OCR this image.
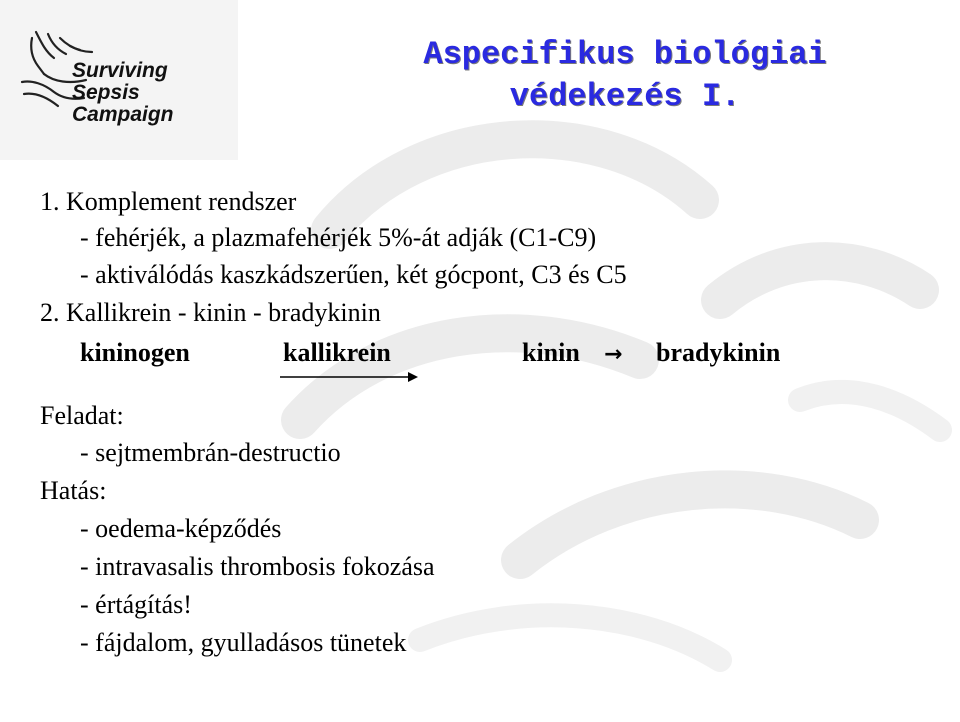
Surviving
Sepsis
Campaign
Aspecifikus biológiai
védekezés I.
1. Komplement rendszer
- fehérjék, a plazmafehérjék 5%-át adják (C1-C9)
- aktiválódás kaszkádszerűen, két gócpont, C3 és C5
2. Kallikrein - kinin - bradykinin
kininogen	kallikrein	kinin → bradykinin
Feladat:
- sejtmembrán-destructio
Hatás:
- oedema-képződés
- intravasalis thrombosis fokozása
- értágítás!
- fájdalom, gyulladásos tünetek
